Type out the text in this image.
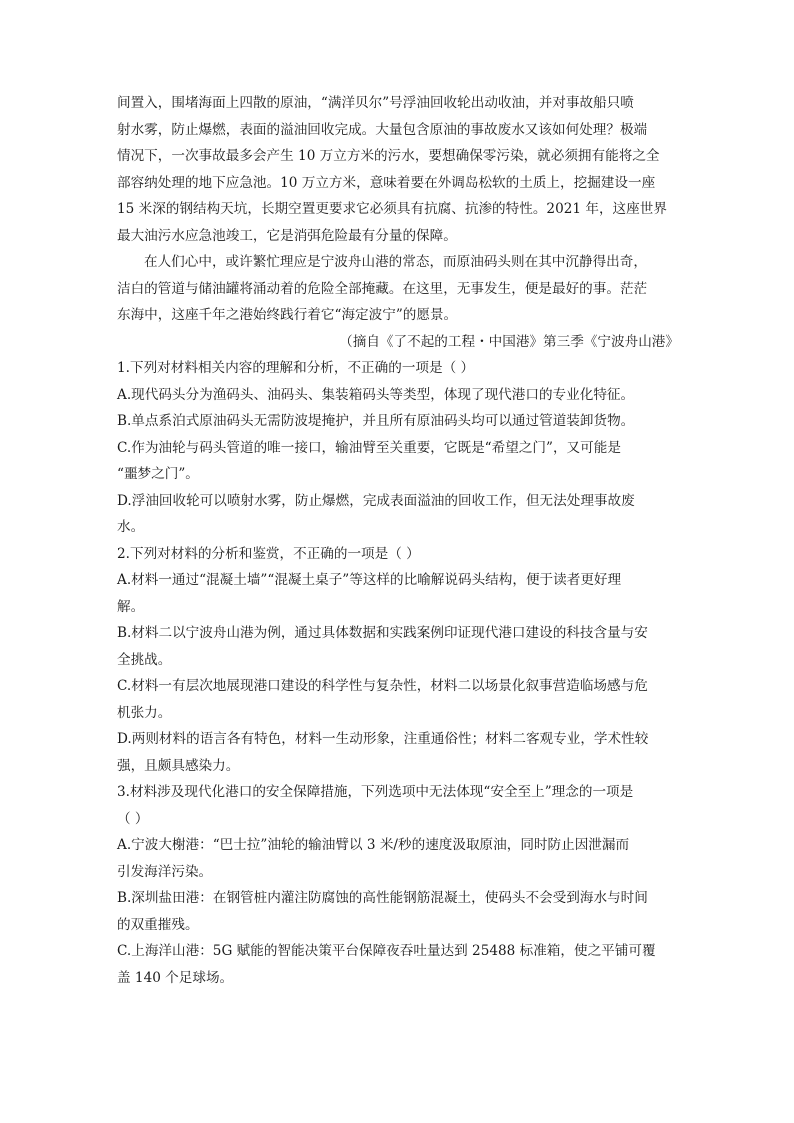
间置入，围堵海面上四散的原油，“满洋贝尔”号浮油回收轮出动收油，并对事故船只喷
射水雾，防止爆燃，表面的溢油回收完成。大量包含原油的事故废水又该如何处理？极端
情况下，一次事故最多会产生 10 万立方米的污水，要想确保零污染，就必须拥有能将之全
部容纳处理的地下应急池。10 万立方米，意味着要在外调岛松软的土质上，挖掘建设一座
15 米深的钢结构天坑，长期空置更要求它必须具有抗腐、抗渗的特性。2021 年，这座世界
最大油污水应急池竣工，它是消弭危险最有分量的保障。
在人们心中，或许繁忙理应是宁波舟山港的常态，而原油码头则在其中沉静得出奇，
洁白的管道与储油罐将涌动着的危险全部掩藏。在这里，无事发生，便是最好的事。茫茫
东海中，这座千年之港始终践行着它“海定波宁”的愿景。
（摘自《了不起的工程・中国港》第三季《宁波舟山港》
1.下列对材料相关内容的理解和分析，不正确的一项是（ ）
A.现代码头分为渔码头、油码头、集装箱码头等类型，体现了现代港口的专业化特征。
B.单点系泊式原油码头无需防波堤掩护，并且所有原油码头均可以通过管道装卸货物。
C.作为油轮与码头管道的唯一接口，输油臂至关重要，它既是“希望之门”，又可能是
“噩梦之门”。
D.浮油回收轮可以喷射水雾，防止爆燃，完成表面溢油的回收工作，但无法处理事故废
水。
2.下列对材料的分析和鉴赏，不正确的一项是（ ）
A.材料一通过“混凝土墙”“混凝土桌子”等这样的比喻解说码头结构，便于读者更好理
解。
B.材料二以宁波舟山港为例，通过具体数据和实践案例印证现代港口建设的科技含量与安
全挑战。
C.材料一有层次地展现港口建设的科学性与复杂性，材料二以场景化叙事营造临场感与危
机张力。
D.两则材料的语言各有特色，材料一生动形象，注重通俗性；材料二客观专业，学术性较
强，且颇具感染力。
3.材料涉及现代化港口的安全保障措施，下列选项中无法体现“安全至上”理念的一项是
（ ）
A.宁波大榭港：“巴士拉”油轮的输油臂以 3 米/秒的速度汲取原油，同时防止因泄漏而
引发海洋污染。
B.深圳盐田港：在钢管桩内灌注防腐蚀的高性能钢筋混凝土，使码头不会受到海水与时间
的双重摧残。
C.上海洋山港：5G 赋能的智能决策平台保障夜吞吐量达到 25488 标准箱，使之平铺可覆
盖 140 个足球场。
